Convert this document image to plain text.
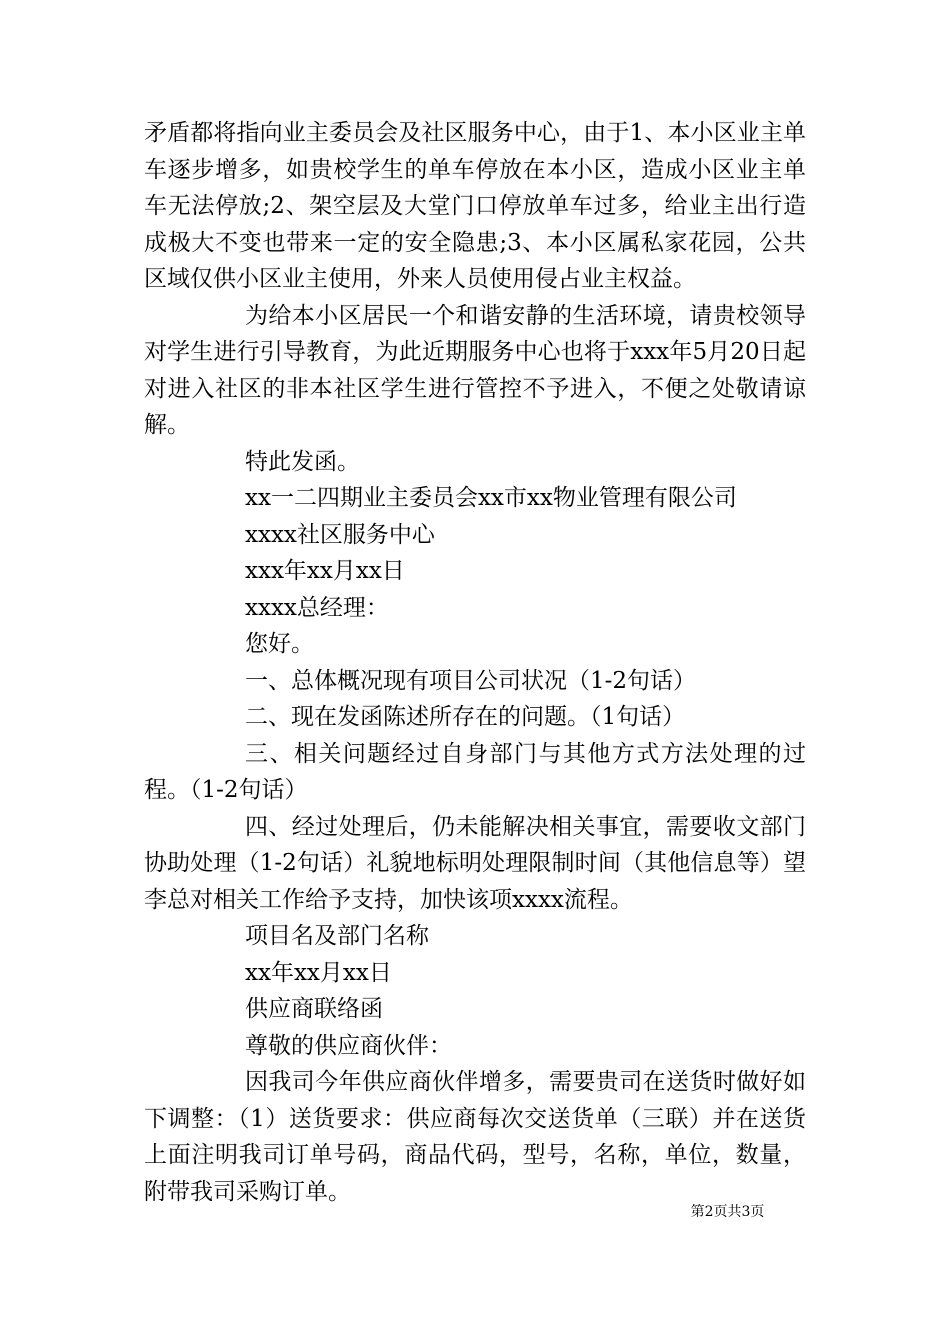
矛盾都将指向业主委员会及社区服务中心，由于1、本小区业主单车逐步增多，如贵校学生的单车停放在本小区，造成小区业主单车无法停放;2、架空层及大堂门口停放单车过多，给业主出行造成极大不变也带来一定的安全隐患;3、本小区属私家花园，公共区域仅供小区业主使用，外来人员使用侵占业主权益。

为给本小区居民一个和谐安静的生活环境，请贵校领导对学生进行引导教育，为此近期服务中心也将于xxx年5月20日起对进入社区的非本社区学生进行管控不予进入，不便之处敬请谅解。

特此发函。

xx一二四期业主委员会xx市xx物业管理有限公司

xxxx社区服务中心

xxx年xx月xx日

xxxx总经理：

您好。

一、总体概况现有项目公司状况（1-2句话）

二、现在发函陈述所存在的问题。（1句话）

三、相关问题经过自身部门与其他方式方法处理的过程。（1-2句话）

四、经过处理后，仍未能解决相关事宜，需要收文部门协助处理（1-2句话）礼貌地标明处理限制时间（其他信息等）望李总对相关工作给予支持，加快该项xxxx流程。

项目名及部门名称

xx年xx月xx日

供应商联络函

尊敬的供应商伙伴：

因我司今年供应商伙伴增多，需要贵司在送货时做好如下调整：（1）送货要求：供应商每次交送货单（三联）并在送货上面注明我司订单号码，商品代码，型号，名称，单位，数量，附带我司采购订单。

第2页共3页
